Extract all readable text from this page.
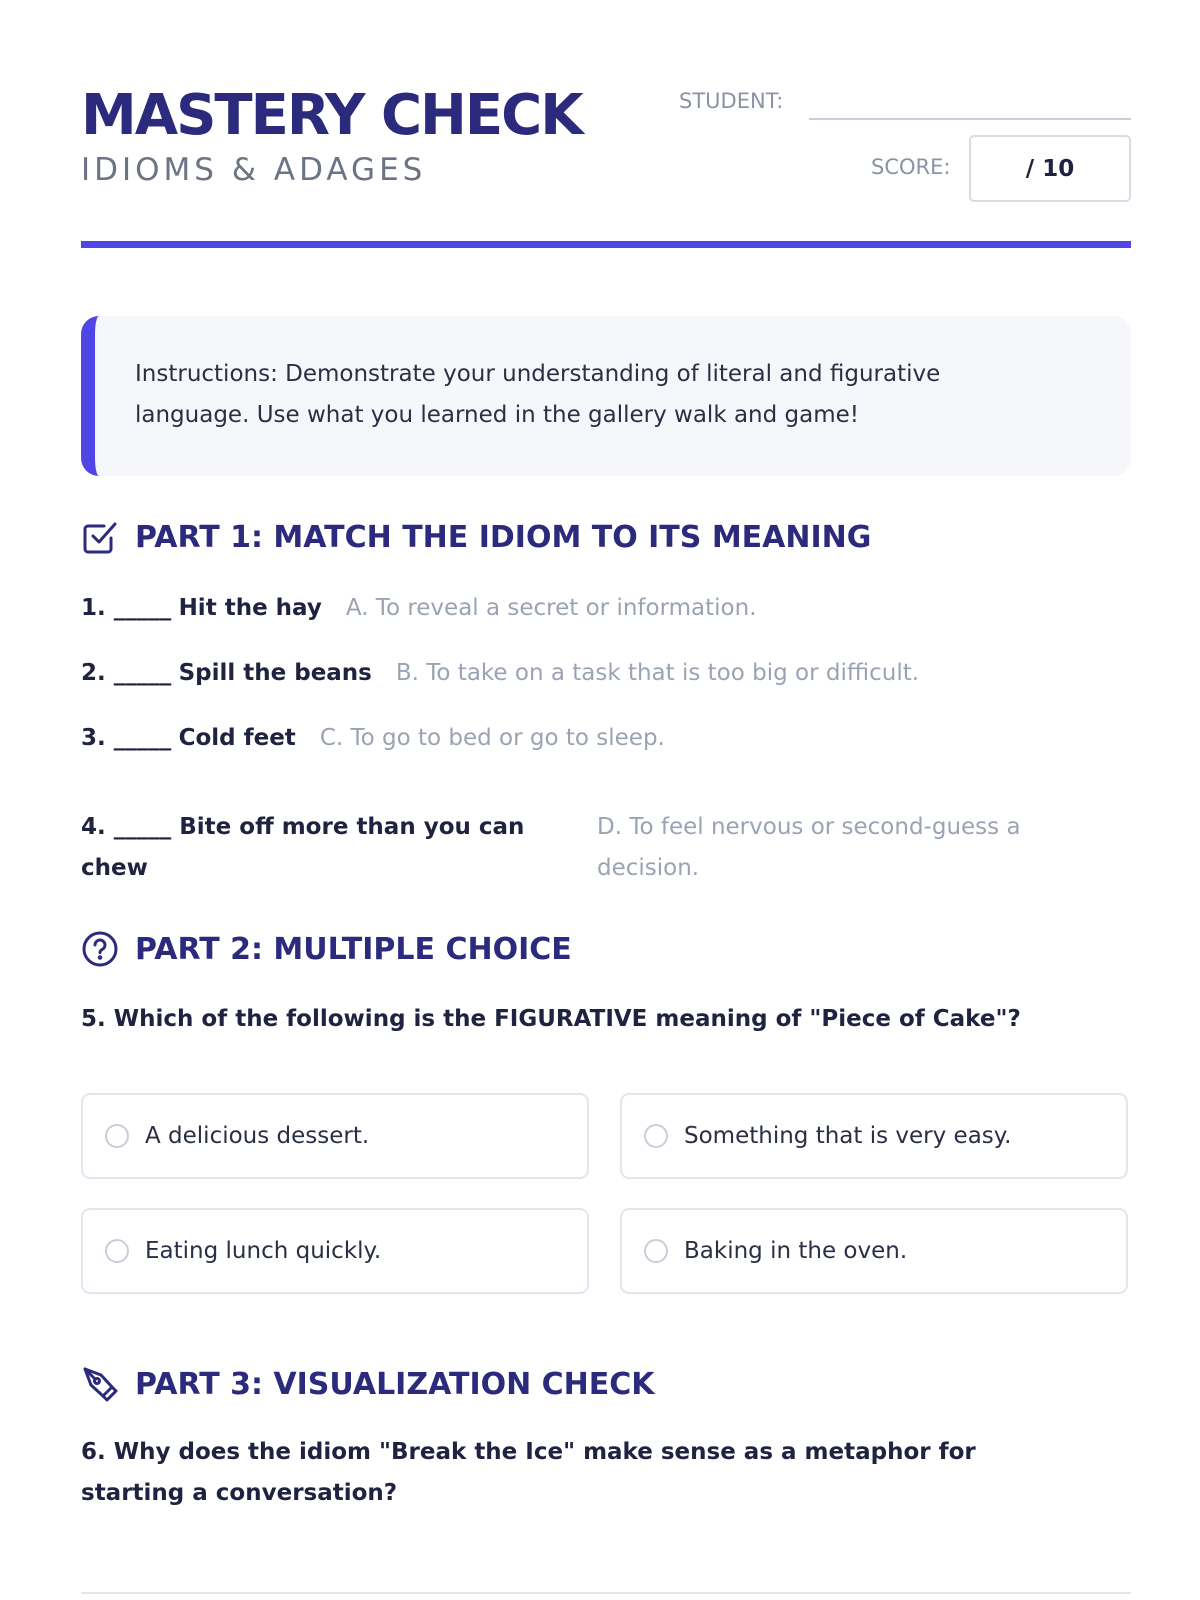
MASTERY CHECK
IDIOMS & ADAGES
STUDENT:
SCORE:	/ 10

Instructions: Demonstrate your understanding of literal and figurative language. Use what you learned in the gallery walk and game!

PART 1: MATCH THE IDIOM TO ITS MEANING
1. _____ Hit the hay A. To reveal a secret or information.
2. _____ Spill the beans B. To take on a task that is too big or difficult.
3. _____ Cold feet C. To go to bed or go to sleep.
4. _____ Bite off more than you can chew
D. To feel nervous or second-guess a decision.
PART 2: MULTIPLE CHOICE
5. Which of the following is the FIGURATIVE meaning of "Piece of Cake"?
A delicious dessert.	Something that is very easy.
Eating lunch quickly.	Baking in the oven.
PART 3: VISUALIZATION CHECK
6. Why does the idiom "Break the Ice" make sense as a metaphor for starting a conversation?
